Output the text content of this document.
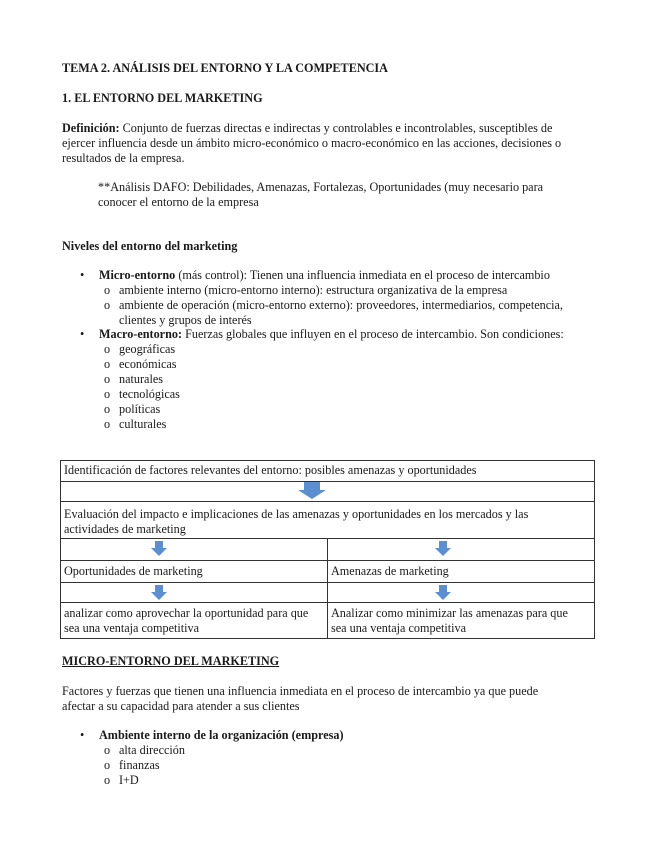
TEMA 2. ANÁLISIS DEL ENTORNO Y LA COMPETENCIA
1. EL ENTORNO DEL MARKETING
Definición: Conjunto de fuerzas directas e indirectas y controlables e incontrolables, susceptibles de
ejercer influencia desde un ámbito micro-económico o macro-económico en las acciones, decisiones o
resultados de la empresa.
**Análisis DAFO: Debilidades, Amenazas, Fortalezas, Oportunidades (muy necesario para
conocer el entorno de la empresa
Niveles del entorno del marketing
• Micro-entorno (más control): Tienen una influencia inmediata en el proceso de intercambio
o ambiente interno (micro-entorno interno): estructura organizativa de la empresa
o ambiente de operación (micro-entorno externo): proveedores, intermediarios, competencia,
clientes y grupos de interés
• Macro-entorno: Fuerzas globales que influyen en el proceso de intercambio. Son condiciones:
o geográficas
o económicas
o naturales
o tecnológicas
o políticas
o culturales
Identificación de factores relevantes del entorno: posibles amenazas y oportunidades
Evaluación del impacto e implicaciones de las amenazas y oportunidades en los mercados y las
actividades de marketing
Oportunidades de marketing	Amenazas de marketing
analizar como aprovechar la oportunidad para que
sea una ventaja competitiva
Analizar como minimizar las amenazas para que
sea una ventaja competitiva
MICRO-ENTORNO DEL MARKETING
Factores y fuerzas que tienen una influencia inmediata en el proceso de intercambio ya que puede
afectar a su capacidad para atender a sus clientes
• Ambiente interno de la organización (empresa)
o alta dirección
o finanzas
o I+D
